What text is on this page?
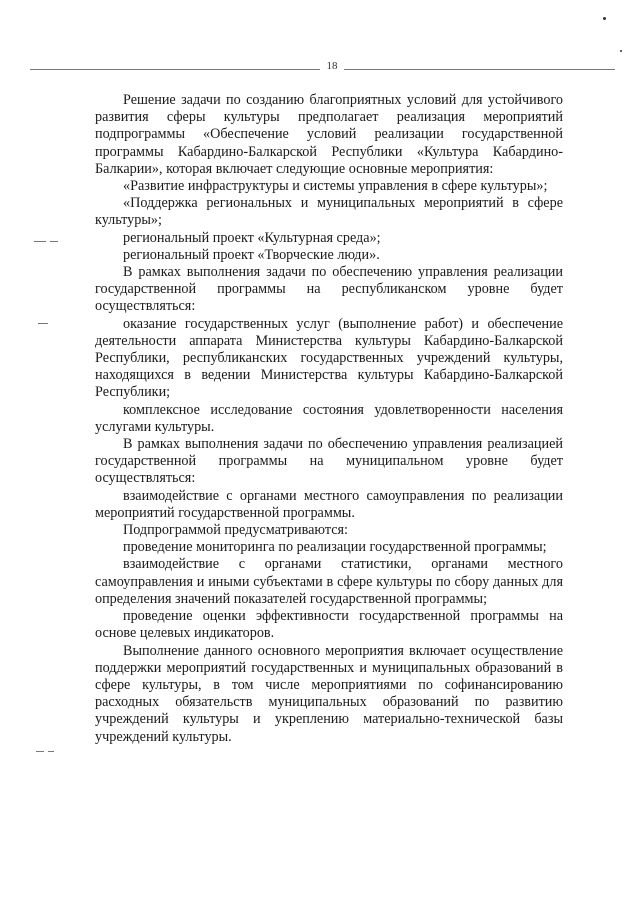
18

Решение задачи по созданию благоприятных условий для устойчивого развития сферы культуры предполагает реализация мероприятий подпрограммы «Обеспечение условий реализации государственной программы Кабардино-Балкарской Республики «Культура Кабардино-Балкарии», которая включает следующие основные мероприятия:

«Развитие инфраструктуры и системы управления в сфере культуры»;

«Поддержка региональных и муниципальных мероприятий в сфере культуры»;

региональный проект «Культурная среда»;

региональный проект «Творческие люди».

В рамках выполнения задачи по обеспечению управления реализации государственной программы на республиканском уровне будет осуществляться:

оказание государственных услуг (выполнение работ) и обеспечение деятельности аппарата Министерства культуры Кабардино-Балкарской Республики, республиканских государственных учреждений культуры, находящихся в ведении Министерства культуры Кабардино-Балкарской Республики;

комплексное исследование состояния удовлетворенности населения услугами культуры.

В рамках выполнения задачи по обеспечению управления реализацией государственной программы на муниципальном уровне будет осуществляться:

взаимодействие с органами местного самоуправления по реализации мероприятий государственной программы.

Подпрограммой предусматриваются:

проведение мониторинга по реализации государственной программы;

взаимодействие с органами статистики, органами местного самоуправления и иными субъектами в сфере культуры по сбору данных для определения значений показателей государственной программы;

проведение оценки эффективности государственной программы на основе целевых индикаторов.

Выполнение данного основного мероприятия включает осуществление поддержки мероприятий государственных и муниципальных образований в сфере культуры, в том числе мероприятиями по софинансированию расходных обязательств муниципальных образований по развитию учреждений культуры и укреплению материально-технической базы учреждений культуры.
